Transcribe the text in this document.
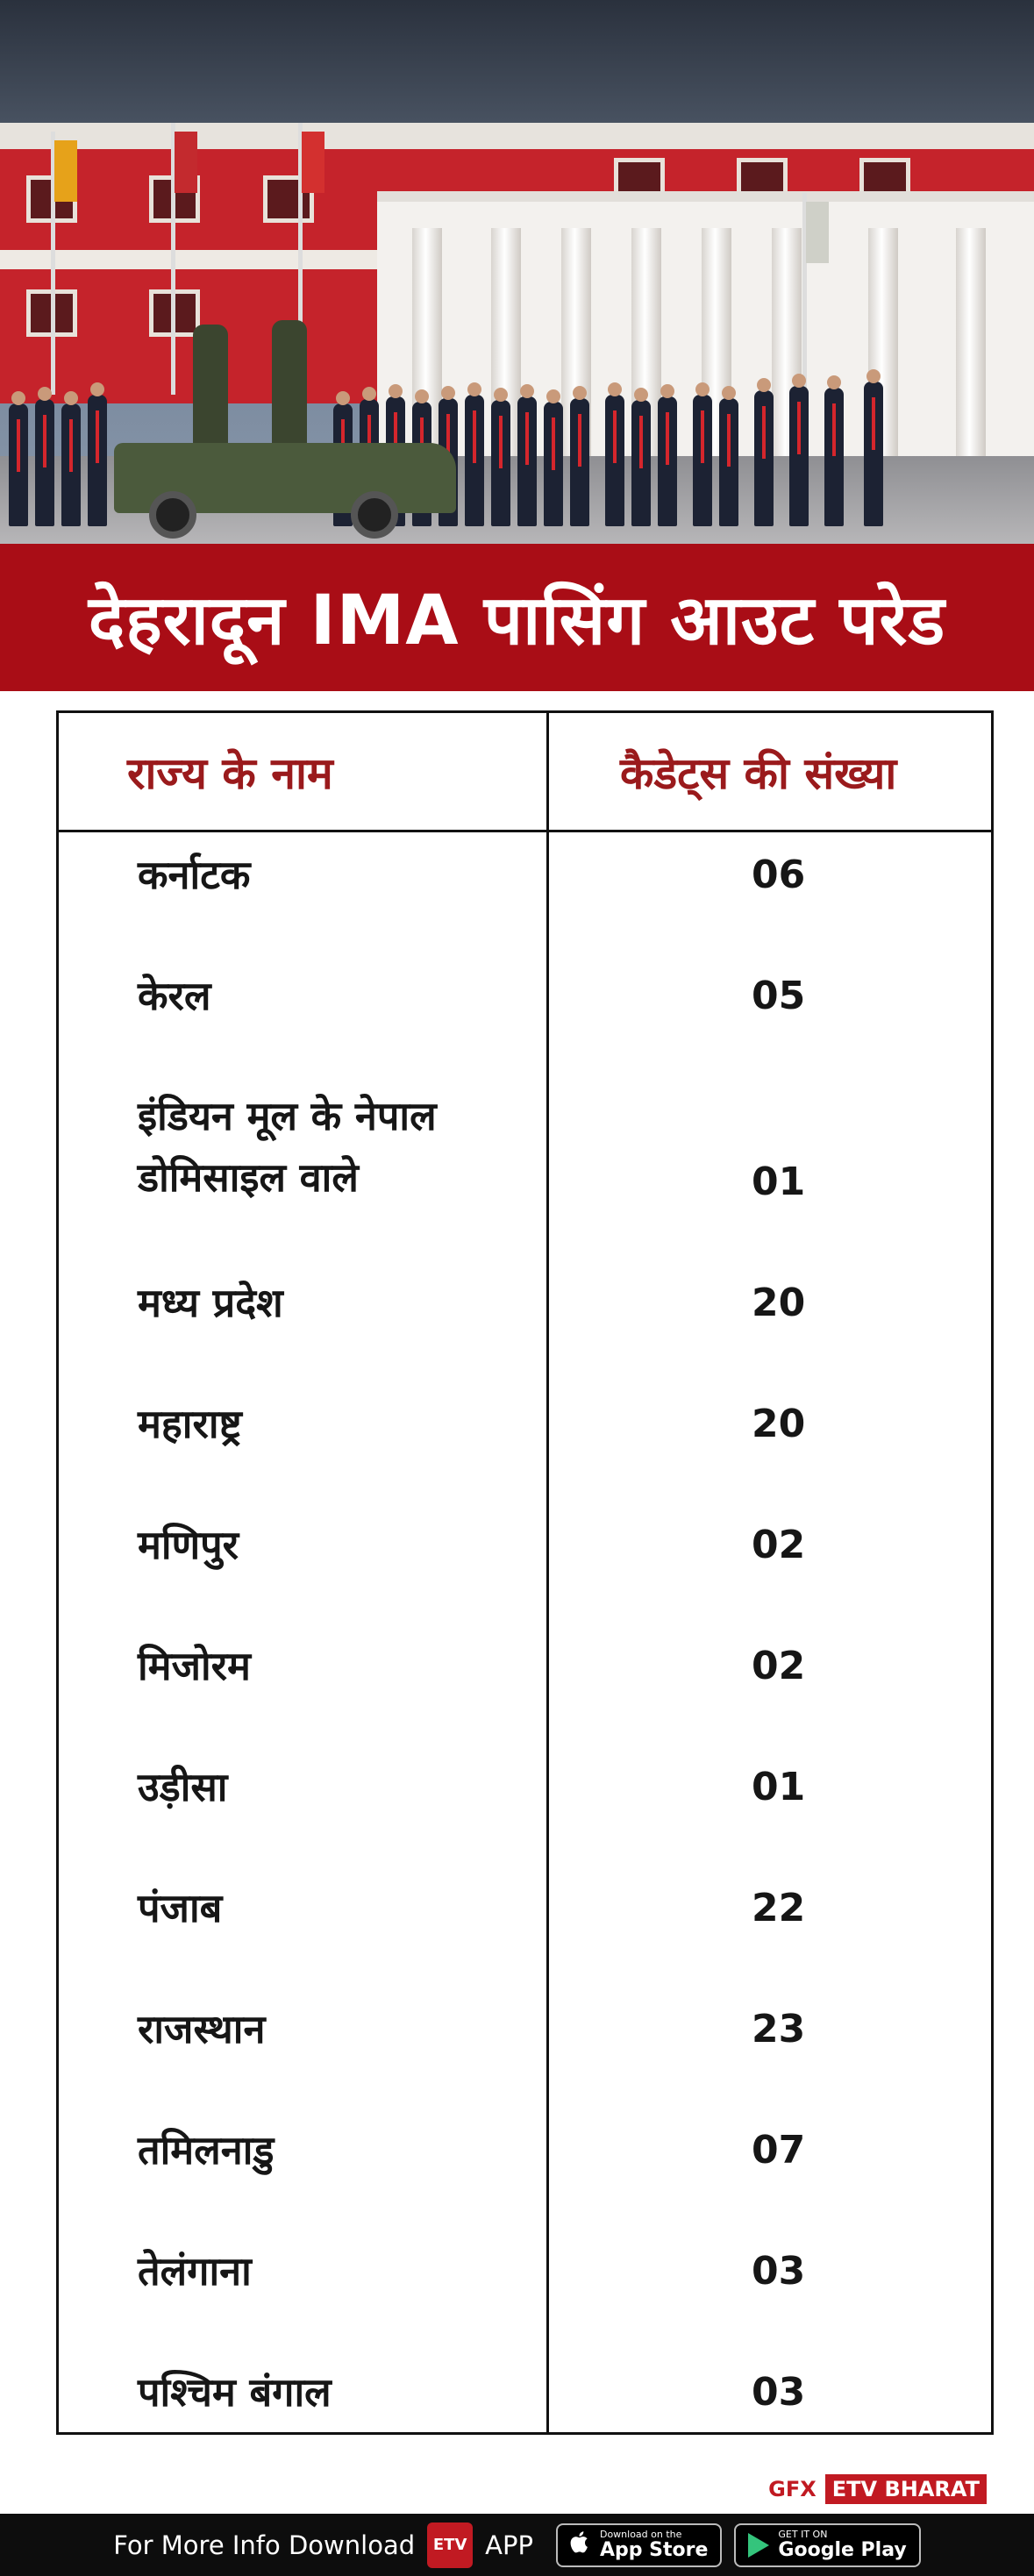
देहरादून IMA पासिंग आउट परेड
राज्य के नाम	कैडेट्स की संख्या
कर्नाटक	06
केरल	05
इंडियन मूल के नेपाल
डोमिसाइल वाले	01
मध्य प्रदेश	20
महाराष्ट्र	20
मणिपुर	02
मिजोरम	02
उड़ीसा	01
पंजाब	22
राजस्थान	23
तमिलनाडु	07
तेलंगाना	03
पश्चिम बंगाल	03
GFX ETV BHARAT
For More Info Download	ETV APP	Download on the
App Store
GET IT ON
Google Play
